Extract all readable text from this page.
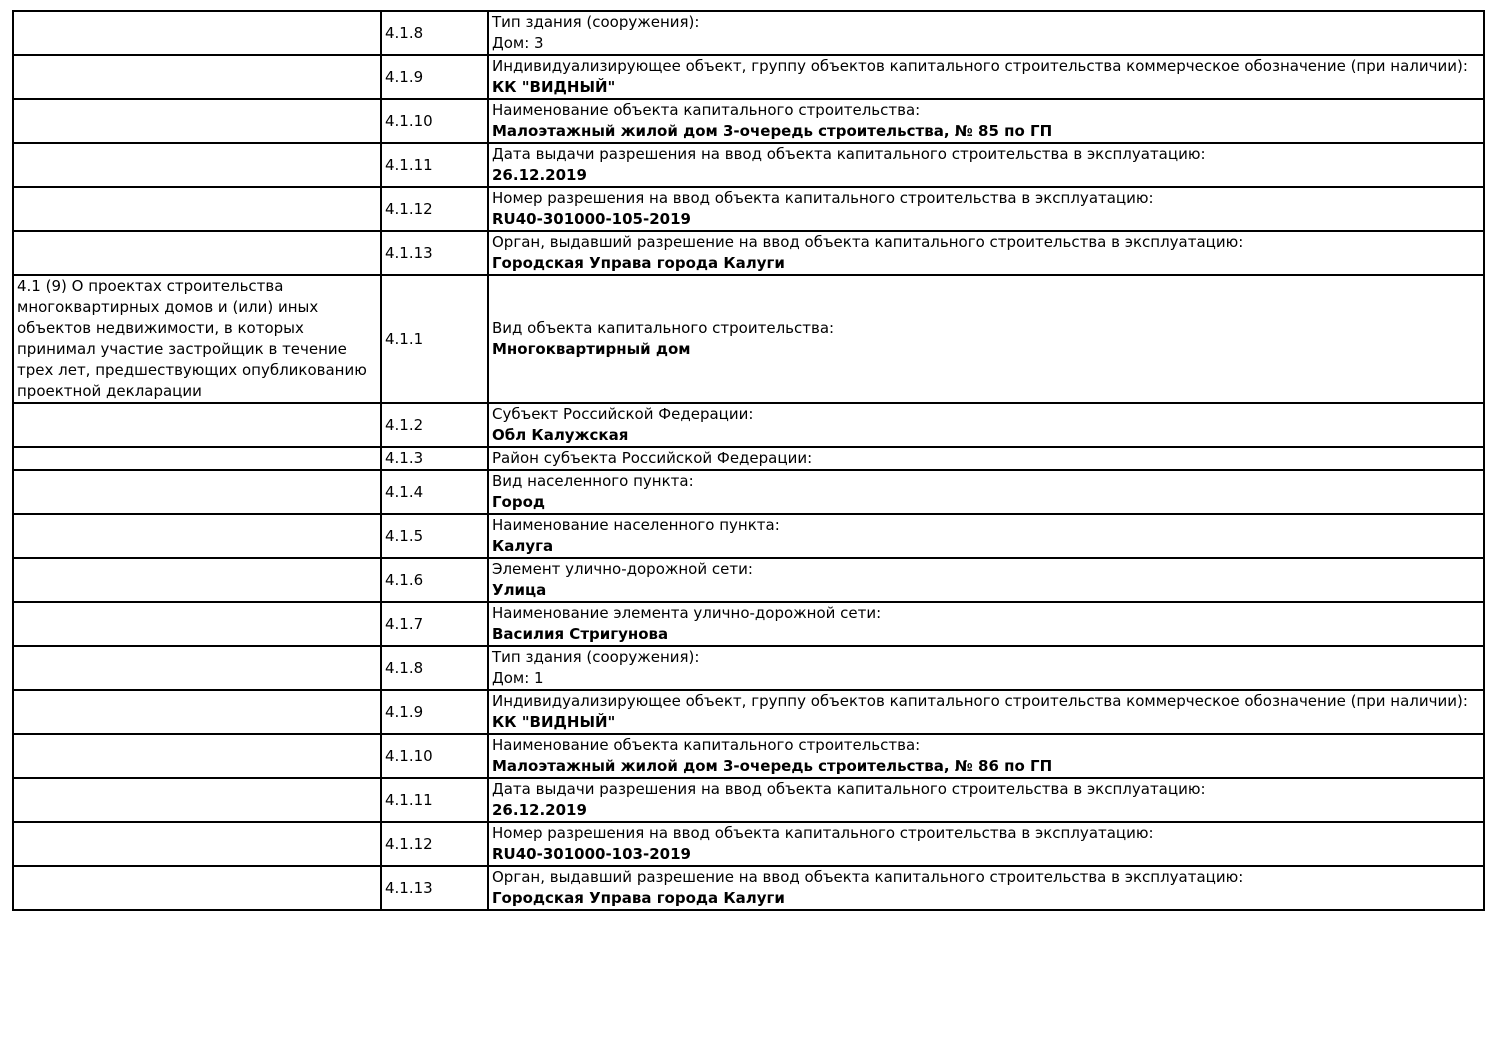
	4.1.8	Тип здания (сооружения):
Дом: 3

	4.1.9	Индивидуализирующее объект, группу объектов капитального строительства коммерческое обозначение (при наличии):
КК "ВИДНЫЙ"

	4.1.10	Наименование объекта капитального строительства:
Малоэтажный жилой дом 3-очередь строительства, № 85 по ГП

	4.1.11	Дата выдачи разрешения на ввод объекта капитального строительства в эксплуатацию:
26.12.2019

	4.1.12	Номер разрешения на ввод объекта капитального строительства в эксплуатацию:
RU40-301000-105-2019

	4.1.13	Орган, выдавший разрешение на ввод объекта капитального строительства в эксплуатацию:
Городская Управа города Калуги

4.1 (9) О проектах строительства многоквартирных домов и (или) иных объектов недвижимости, в которых принимал участие застройщик в течение трех лет, предшествующих опубликованию проектной декларации	4.1.1	Вид объекта капитального строительства:
Многоквартирный дом

	4.1.2	Субъект Российской Федерации:
Обл Калужская

	4.1.3	Район субъекта Российской Федерации:

	4.1.4	Вид населенного пункта:
Город

	4.1.5	Наименование населенного пункта:
Калуга

	4.1.6	Элемент улично-дорожной сети:
Улица

	4.1.7	Наименование элемента улично-дорожной сети:
Василия Стригунова

	4.1.8	Тип здания (сооружения):
Дом: 1

	4.1.9	Индивидуализирующее объект, группу объектов капитального строительства коммерческое обозначение (при наличии):
КК "ВИДНЫЙ"

	4.1.10	Наименование объекта капитального строительства:
Малоэтажный жилой дом 3-очередь строительства, № 86 по ГП

	4.1.11	Дата выдачи разрешения на ввод объекта капитального строительства в эксплуатацию:
26.12.2019

	4.1.12	Номер разрешения на ввод объекта капитального строительства в эксплуатацию:
RU40-301000-103-2019

	4.1.13	Орган, выдавший разрешение на ввод объекта капитального строительства в эксплуатацию:
Городская Управа города Калуги
